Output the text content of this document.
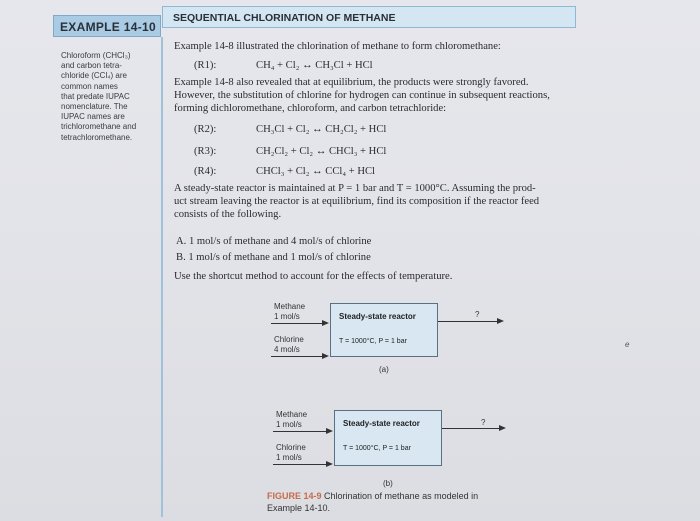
EXAMPLE 14-10
SEQUENTIAL CHLORINATION OF METHANE
Chloroform (CHCl₃)
and carbon tetra-
chloride (CCl₄) are
common names
that predate IUPAC
nomenclature. The
IUPAC names are
trichloromethane and
tetrachloromethane.
Example 14-8 illustrated the chlorination of methane to form chloromethane:
(R1):	CH₄ + Cl₂ ↔ CH₃Cl + HCl
Example 14-8 also revealed that at equilibrium, the products were strongly favored.
However, the substitution of chlorine for hydrogen can continue in subsequent reactions,
forming dichloromethane, chloroform, and carbon tetrachloride:
(R2):	CH₃Cl + Cl₂ ↔ CH₂Cl₂ + HCl
(R3):	CH₂Cl₂ + Cl₂ ↔ CHCl₃ + HCl
(R4):	CHCl₃ + Cl₂ ↔ CCl₄ + HCl
A steady-state reactor is maintained at P = 1 bar and T = 1000°C. Assuming the prod-
uct stream leaving the reactor is at equilibrium, find its composition if the reactor feed
consists of the following.
A. 1 mol/s of methane and 4 mol/s of chlorine
B. 1 mol/s of methane and 1 mol/s of chlorine
Use the shortcut method to account for the effects of temperature.
Methane
1 mol/s
Chlorine
4 mol/s
Steady-state reactor
T = 1000°C, P = 1 bar
?
(a)
Methane
1 mol/s
Chlorine
1 mol/s
Steady-state reactor
T = 1000°C, P = 1 bar
?
(b)
FIGURE 14-9 Chlorination of methane as modeled in
Example 14-10.
e
